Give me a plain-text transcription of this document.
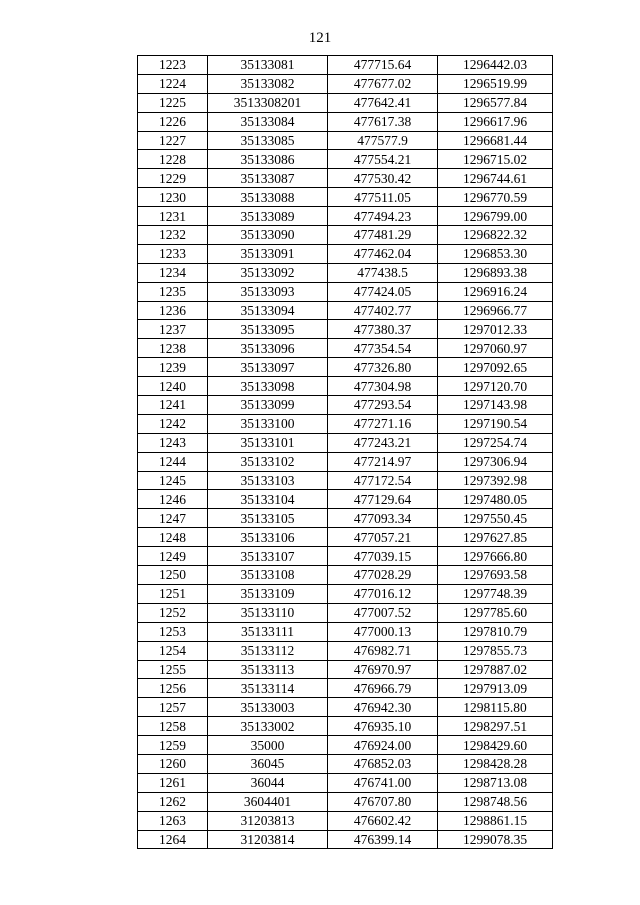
121
1223	35133081	477715.64	1296442.03
1224	35133082	477677.02	1296519.99
1225	3513308201	477642.41	1296577.84
1226	35133084	477617.38	1296617.96
1227	35133085	477577.9	1296681.44
1228	35133086	477554.21	1296715.02
1229	35133087	477530.42	1296744.61
1230	35133088	477511.05	1296770.59
1231	35133089	477494.23	1296799.00
1232	35133090	477481.29	1296822.32
1233	35133091	477462.04	1296853.30
1234	35133092	477438.5	1296893.38
1235	35133093	477424.05	1296916.24
1236	35133094	477402.77	1296966.77
1237	35133095	477380.37	1297012.33
1238	35133096	477354.54	1297060.97
1239	35133097	477326.80	1297092.65
1240	35133098	477304.98	1297120.70
1241	35133099	477293.54	1297143.98
1242	35133100	477271.16	1297190.54
1243	35133101	477243.21	1297254.74
1244	35133102	477214.97	1297306.94
1245	35133103	477172.54	1297392.98
1246	35133104	477129.64	1297480.05
1247	35133105	477093.34	1297550.45
1248	35133106	477057.21	1297627.85
1249	35133107	477039.15	1297666.80
1250	35133108	477028.29	1297693.58
1251	35133109	477016.12	1297748.39
1252	35133110	477007.52	1297785.60
1253	35133111	477000.13	1297810.79
1254	35133112	476982.71	1297855.73
1255	35133113	476970.97	1297887.02
1256	35133114	476966.79	1297913.09
1257	35133003	476942.30	1298115.80
1258	35133002	476935.10	1298297.51
1259	35000	476924.00	1298429.60
1260	36045	476852.03	1298428.28
1261	36044	476741.00	1298713.08
1262	3604401	476707.80	1298748.56
1263	31203813	476602.42	1298861.15
1264	31203814	476399.14	1299078.35
